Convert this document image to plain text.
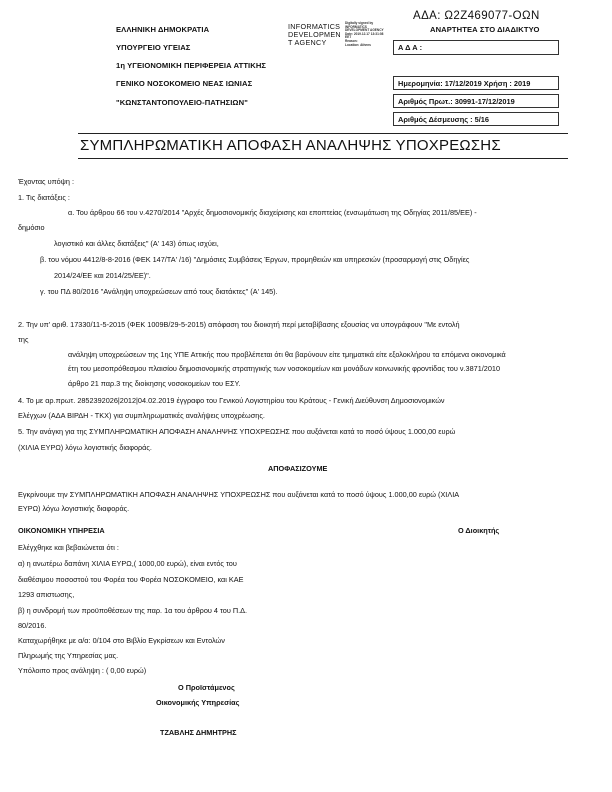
ΑΔΑ: Ω2Ζ469077-ΟΩΝ
ΕΛΛΗΝΙΚΗ ΔΗΜΟΚΡΑΤΙΑ
ΥΠΟΥΡΓΕΙΟ ΥΓΕΙΑΣ
1η ΥΓΕΙΟΝΟΜΙΚΗ ΠΕΡΙΦΕΡΕΙΑ ΑΤΤΙΚΗΣ
ΓΕΝΙΚΟ ΝΟΣΟΚΟΜΕΙΟ ΝΕΑΣ ΙΩΝΙΑΣ
"ΚΩΝΣΤΑΝΤΟΠΟΥΛΕΙΟ-ΠΑΤΗΣΙΩΝ"
INFORMATICS
DEVELOPMEN
T AGENCY
Digitally signed by
INFORMATICS
DEVELOPMENT AGENCY
Date: 2019.12.17 13:31:08
EET
Reason:
Location: Athens
ΑΝΑΡΤΗΤΕΑ ΣΤΟ ΔΙΑΔΙΚΤΥΟ
Α Δ Α :
Ημερομηνία: 17/12/2019 Χρήση : 2019
Αριθμός Πρωτ.: 30991-17/12/2019
Αριθμός Δέσμευσης : 5/16
ΣΥΜΠΛΗΡΩΜΑΤΙΚΗ ΑΠΟΦΑΣΗ ΑΝΑΛΗΨΗΣ ΥΠΟΧΡΕΩΣΗΣ
Έχοντας υπόψη :
1. Τις διατάξεις :
α. Του άρθρου 66 του ν.4270/2014 "Αρχές δημοσιονομικής διαχείρισης και εποπτείας (ενσωμάτωση της Οδηγίας 2011/85/ΕΕ) -
δημόσιο
λογιστικό και άλλες διατάξεις" (Α' 143) όπως ισχύει,
β. του νόμου 4412/8-8-2016 (ΦΕΚ 147/ΤΑ' /16) "Δημόσιες Συμβάσεις Έργων, προμηθειών και υπηρεσιών (προσαρμογή στις Οδηγίες
2014/24/ΕΕ και 2014/25/ΕΕ)".
γ. του ΠΔ 80/2016 "Ανάληψη υποχρεώσεων από τους διατάκτες" (Α' 145).
2. Την υπ' αριθ. 17330/11-5-2015 (ΦΕΚ 1009Β/29-5-2015) απόφαση του διοικητή περί μεταβίβασης εξουσίας να υπογράφουν "Με εντολή
της
ανάληψη υποχρεώσεων της 1ης ΥΠΕ Αττικής που προβλέπεται ότι θα βαρύνουν είτε τμηματικά είτε εξολοκλήρου τα επόμενα οικονομικά
έτη του μεσοπρόθεσμου πλαισίου δημοσιονομικής στρατηγικής των νοσοκομείων και μονάδων κοινωνικής φροντίδας του ν.3871/2010
άρθρο 21 παρ.3 της διοίκησης νοσοκομείων του ΕΣΥ.
4. Το με αρ.πρωτ. 2852392026|2012|04.02.2019 έγγραφο του Γενικού Λογιστηρίου του Κράτους - Γενική Διεύθυνση Δημοσιονομικών
Ελέγχων (ΑΔΑ ΒΙΡΔΗ - ΤΚΧ) για συμπληρωματικές αναλήψεις υποχρέωσης.
5. Την ανάγκη για της ΣΥΜΠΛΗΡΩΜΑΤΙΚΗ ΑΠΟΦΑΣΗ ΑΝΑΛΗΨΗΣ ΥΠΟΧΡΕΩΣΗΣ που αυξάνεται κατά το ποσό ύψους 1.000,00 ευρώ
(ΧΙΛΙΑ ΕΥΡΩ) λόγω λογιστικής διαφοράς.
ΑΠΟΦΑΣΙΖΟΥΜΕ
Εγκρίνουμε την ΣΥΜΠΛΗΡΩΜΑΤΙΚΗ ΑΠΟΦΑΣΗ ΑΝΑΛΗΨΗΣ ΥΠΟΧΡΕΩΣΗΣ που αυξάνεται κατά το ποσό ύψους 1.000,00 ευρώ (ΧΙΛΙΑ
ΕΥΡΩ) λόγω λογιστικής διαφοράς.
ΟΙΚΟΝΟΜΙΚΗ ΥΠΗΡΕΣΙΑ	Ο Διοικητής
Ελέγχθηκε και βεβαιώνεται ότι :
α) η ανωτέρω δαπάνη ΧΙΛΙΑ ΕΥΡΩ,( 1000,00 ευρώ), είναι εντός του
διαθέσιμου ποσοστού του Φορέα του Φορέα ΝΟΣΟΚΟΜΕΙΟ, και ΚΑΕ
1293 απιστωσης,
β) η συνδρομή των προϋποθέσεων της παρ. 1α του άρθρου 4 του Π.Δ.
80/2016.
Καταχωρήθηκε με α/α: 0/104 στο Βιβλίο Εγκρίσεων και Εντολών
Πληρωμής της Υπηρεσίας μας.
Υπόλοιπο προς ανάληψη : ( 0,00 ευρώ)
Ο Προϊστάμενος
Οικονομικής Υπηρεσίας
ΤΖΑΒΛΗΣ ΔΗΜΗΤΡΗΣ
